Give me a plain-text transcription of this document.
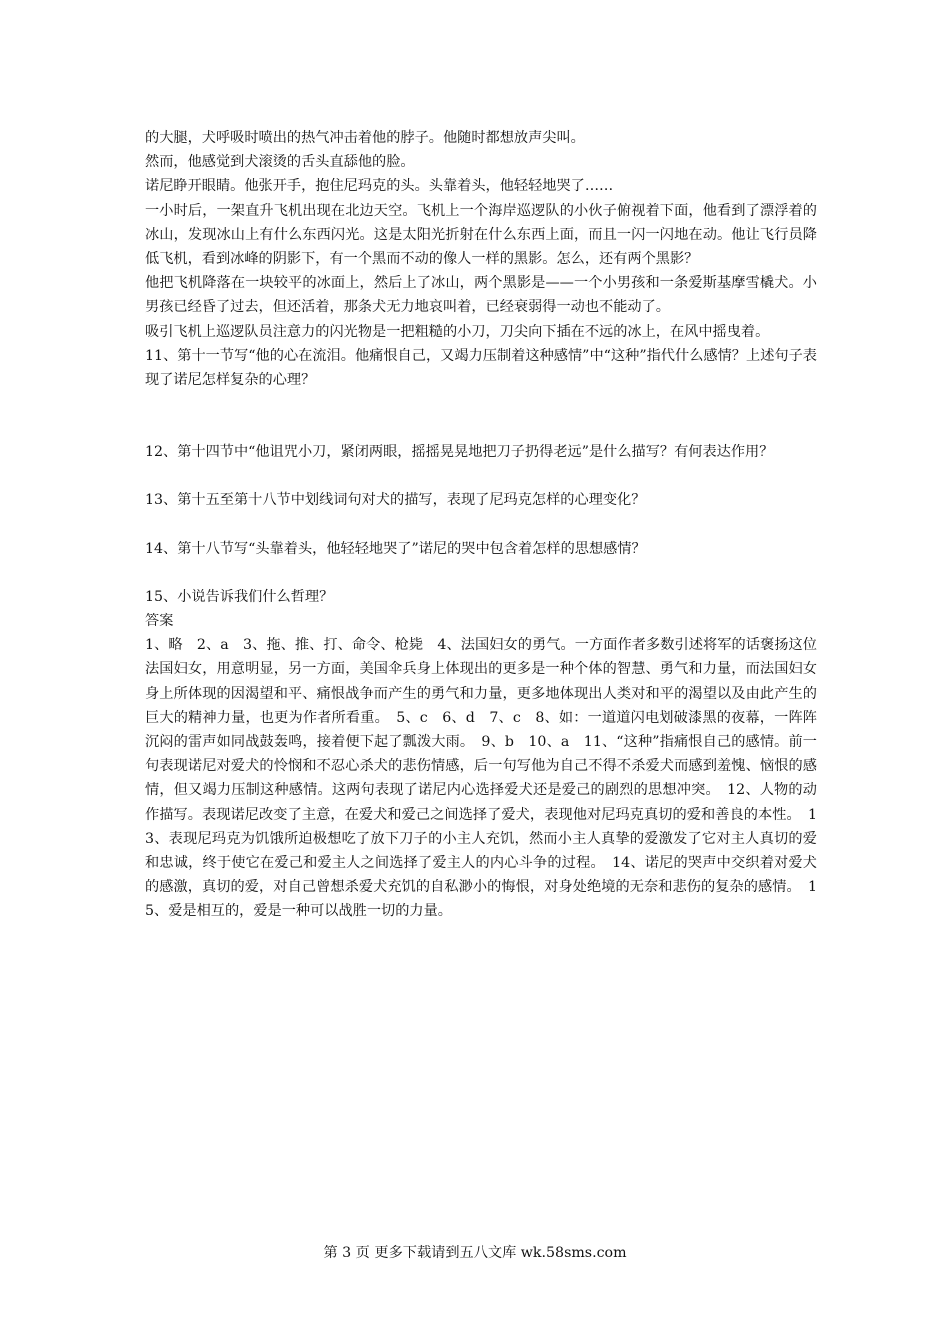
的大腿，犬呼吸时喷出的热气冲击着他的脖子。他随时都想放声尖叫。

然而，他感觉到犬滚烫的舌头直舔他的脸。

诺尼睁开眼睛。他张开手，抱住尼玛克的头。头靠着头，他轻轻地哭了……

一小时后，一架直升飞机出现在北边天空。飞机上一个海岸巡逻队的小伙子俯视着下面，他看到了漂浮着的冰山，发现冰山上有什么东西闪光。这是太阳光折射在什么东西上面，而且一闪一闪地在动。他让飞行员降低飞机，看到冰峰的阴影下，有一个黑而不动的像人一样的黑影。怎么，还有两个黑影？

他把飞机降落在一块较平的冰面上，然后上了冰山，两个黑影是——一个小男孩和一条爱斯基摩雪橇犬。小男孩已经昏了过去，但还活着，那条犬无力地哀叫着，已经衰弱得一动也不能动了。

吸引飞机上巡逻队员注意力的闪光物是一把粗糙的小刀，刀尖向下插在不远的冰上，在风中摇曳着。

11、第十一节写“他的心在流泪。他痛恨自己，又竭力压制着这种感情”中“这种”指代什么感情？上述句子表现了诺尼怎样复杂的心理？

12、第十四节中“他诅咒小刀，紧闭两眼，摇摇晃晃地把刀子扔得老远”是什么描写？有何表达作用？

13、第十五至第十八节中划线词句对犬的描写，表现了尼玛克怎样的心理变化？

14、第十八节写“头靠着头，他轻轻地哭了”诺尼的哭中包含着怎样的思想感情？

15、小说告诉我们什么哲理？

答案

1、略　2、a　3、拖、推、打、命令、枪毙　4、法国妇女的勇气。一方面作者多数引述将军的话褒扬这位法国妇女，用意明显，另一方面，美国伞兵身上体现出的更多是一种个体的智慧、勇气和力量，而法国妇女身上所体现的因渴望和平、痛恨战争而产生的勇气和力量，更多地体现出人类对和平的渴望以及由此产生的巨大的精神力量，也更为作者所看重。　5、c　6、d　7、c　8、如：一道道闪电划破漆黑的夜幕，一阵阵沉闷的雷声如同战鼓轰鸣，接着便下起了瓢泼大雨。　9、b　10、a　11、“这种”指痛恨自己的感情。前一句表现诺尼对爱犬的怜悯和不忍心杀犬的悲伤情感，后一句写他为自己不得不杀爱犬而感到羞愧、恼恨的感情，但又竭力压制这种感情。这两句表现了诺尼内心选择爱犬还是爱己的剧烈的思想冲突。　12、人物的动作描写。表现诺尼改变了主意，在爱犬和爱己之间选择了爱犬，表现他对尼玛克真切的爱和善良的本性。　13、表现尼玛克为饥饿所迫极想吃了放下刀子的小主人充饥，然而小主人真挚的爱激发了它对主人真切的爱和忠诚，终于使它在爱己和爱主人之间选择了爱主人的内心斗争的过程。　14、诺尼的哭声中交织着对爱犬的感激，真切的爱，对自己曾想杀爱犬充饥的自私渺小的悔恨，对身处绝境的无奈和悲伤的复杂的感情。　15、爱是相互的，爱是一种可以战胜一切的力量。

第 3 页 更多下载请到五八文库 wk.58sms.com
